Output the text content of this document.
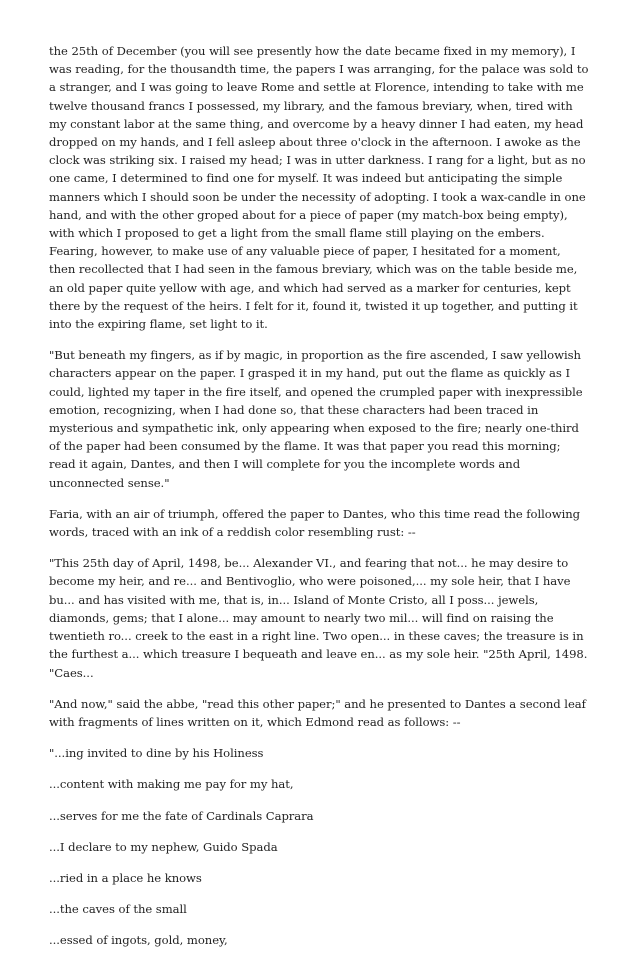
the 25th of December (you will see presently how the date became fixed in my memory), I was reading, for the thousandth time, the papers I was arranging, for the palace was sold to a stranger, and I was going to leave Rome and settle at Florence, intending to take with me twelve thousand francs I possessed, my library, and the famous breviary, when, tired with my constant labor at the same thing, and overcome by a heavy dinner I had eaten, my head dropped on my hands, and I fell asleep about three o'clock in the afternoon. I awoke as the clock was striking six. I raised my head; I was in utter darkness. I rang for a light, but as no one came, I determined to find one for myself. It was indeed but anticipating the simple manners which I should soon be under the necessity of adopting. I took a wax-candle in one hand, and with the other groped about for a piece of paper (my match-box being empty), with which I proposed to get a light from the small flame still playing on the embers. Fearing, however, to make use of any valuable piece of paper, I hesitated for a moment, then recollected that I had seen in the famous breviary, which was on the table beside me, an old paper quite yellow with age, and which had served as a marker for centuries, kept there by the request of the heirs. I felt for it, found it, twisted it up together, and putting it into the expiring flame, set light to it.

"But beneath my fingers, as if by magic, in proportion as the fire ascended, I saw yellowish characters appear on the paper. I grasped it in my hand, put out the flame as quickly as I could, lighted my taper in the fire itself, and opened the crumpled paper with inexpressible emotion, recognizing, when I had done so, that these characters had been traced in mysterious and sympathetic ink, only appearing when exposed to the fire; nearly one-third of the paper had been consumed by the flame. It was that paper you read this morning; read it again, Dantes, and then I will complete for you the incomplete words and unconnected sense."

Faria, with an air of triumph, offered the paper to Dantes, who this time read the following words, traced with an ink of a reddish color resembling rust: --

"This 25th day of April, 1498, be... Alexander VI., and fearing that not... he may desire to become my heir, and re... and Bentivoglio, who were poisoned,... my sole heir, that I have bu... and has visited with me, that is, in... Island of Monte Cristo, all I poss... jewels, diamonds, gems; that I alone... may amount to nearly two mil... will find on raising the twentieth ro... creek to the east in a right line. Two open... in these caves; the treasure is in the furthest a... which treasure I bequeath and leave en... as my sole heir. "25th April, 1498. "Caes...

"And now," said the abbe, "read this other paper;" and he presented to Dantes a second leaf with fragments of lines written on it, which Edmond read as follows: --

"...ing invited to dine by his Holiness

...content with making me pay for my hat,

...serves for me the fate of Cardinals Caprara

...I declare to my nephew, Guido Spada

...ried in a place he knows

...the caves of the small

...essed of ingots, gold, money,
